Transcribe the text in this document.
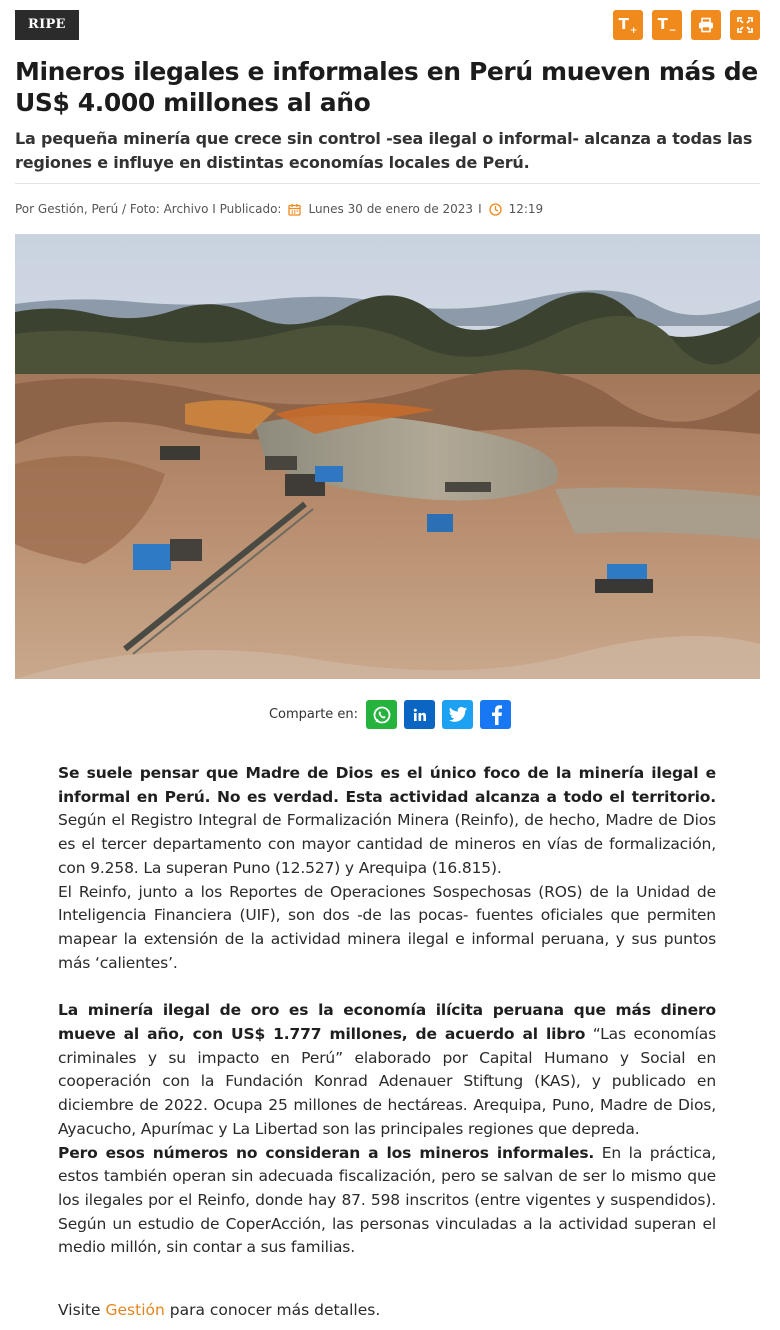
RIPE	$T_+$ $T_-$
Mineros ilegales e informales en Perú mueven más de US$ 4.000 millones al año
La pequeña minería que crece sin control -sea ilegal o informal- alcanza a todas las regiones e influye en distintas economías locales de Perú.
Por Gestión, Perú / Foto: Archivo I Publicado: Lunes 30 de enero de 2023 I 12:19
Comparte en:

Se suele pensar que Madre de Dios es el único foco de la minería ilegal e informal en Perú. No es verdad. Esta actividad alcanza a todo el territorio. Según el Registro Integral de Formalización Minera (Reinfo), de hecho, Madre de Dios es el tercer departamento con mayor cantidad de mineros en vías de formalización, con 9.258. La superan Puno (12.527) y Arequipa (16.815).

El Reinfo, junto a los Reportes de Operaciones Sospechosas (ROS) de la Unidad de Inteligencia Financiera (UIF), son dos -de las pocas- fuentes oficiales que permiten mapear la extensión de la actividad minera ilegal e informal peruana, y sus puntos más ‘calientes’.

La minería ilegal de oro es la economía ilícita peruana que más dinero mueve al año, con US$ 1.777 millones, de acuerdo al libro “Las economías criminales y su impacto en Perú” elaborado por Capital Humano y Social en cooperación con la Fundación Konrad Adenauer Stiftung (KAS), y publicado en diciembre de 2022. Ocupa 25 millones de hectáreas. Arequipa, Puno, Madre de Dios, Ayacucho, Apurímac y La Libertad son las principales regiones que depreda.

Pero esos números no consideran a los mineros informales. En la práctica, estos también operan sin adecuada fiscalización, pero se salvan de ser lo mismo que los ilegales por el Reinfo, donde hay 87. 598 inscritos (entre vigentes y suspendidos). Según un estudio de CoperAcción, las personas vinculadas a la actividad superan el medio millón, sin contar a sus familias.

Visite Gestión para conocer más detalles.
